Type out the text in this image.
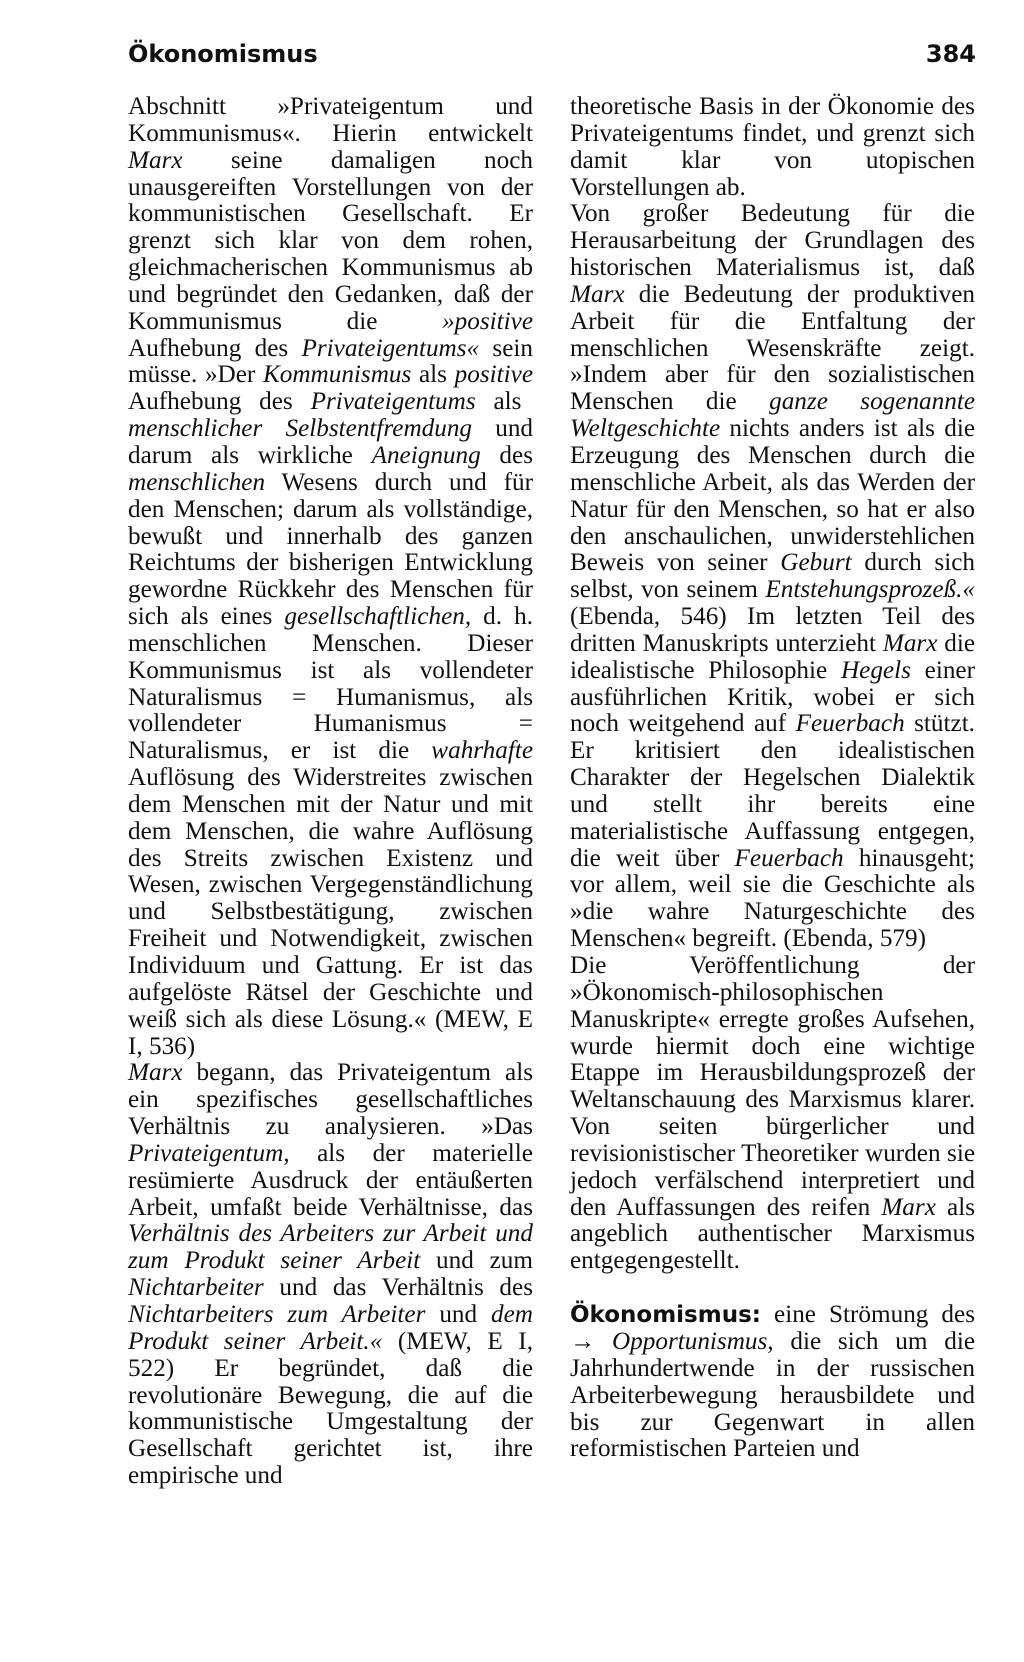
Ökonomismus	384

Abschnitt »Privateigentum und Kommunismus«. Hierin entwickelt Marx seine damaligen noch unausgereiften Vorstellungen von der kommunistischen Gesellschaft. Er grenzt sich klar von dem rohen, gleichmacherischen Kommunismus ab und begründet den Gedanken, daß der Kommunismus die »positive Aufhebung des Privateigentums« sein müsse. »Der Kommunismus als positive Aufhebung des Privateigentums als menschlicher Selbstentfremdung und darum als wirkliche Aneignung des menschlichen Wesens durch und für den Menschen; darum als vollständige, bewußt und innerhalb des ganzen Reichtums der bisherigen Entwicklung gewordne Rückkehr des Menschen für sich als eines gesellschaftlichen, d. h. menschlichen Menschen. Dieser Kommunismus ist als vollendeter Naturalismus = Humanismus, als vollendeter Humanismus = Naturalismus, er ist die wahrhafte Auflösung des Widerstreites zwischen dem Menschen mit der Natur und mit dem Menschen, die wahre Auflösung des Streits zwischen Existenz und Wesen, zwischen Vergegenständlichung und Selbstbestätigung, zwischen Freiheit und Notwendigkeit, zwischen Individuum und Gattung. Er ist das aufgelöste Rätsel der Geschichte und weiß sich als diese Lösung.« (MEW, E I, 536)

Marx begann, das Privateigentum als ein spezifisches gesellschaftliches Verhältnis zu analysieren. »Das Privateigentum, als der materielle resümierte Ausdruck der entäußerten Arbeit, umfaßt beide Verhältnisse, das Verhältnis des Arbeiters zur Arbeit und zum Produkt seiner Arbeit und zum Nichtarbeiter und das Verhältnis des Nichtarbeiters zum Arbeiter und dem Produkt seiner Arbeit.« (MEW, E I, 522) Er begründet, daß die revolutionäre Bewegung, die auf die kommunistische Umgestaltung der Gesellschaft gerichtet ist, ihre empirische und

theoretische Basis in der Ökonomie des Privateigentums findet, und grenzt sich damit klar von utopischen Vorstellungen ab.

Von großer Bedeutung für die Herausarbeitung der Grundlagen des historischen Materialismus ist, daß Marx die Bedeutung der produktiven Arbeit für die Entfaltung der menschlichen Wesenskräfte zeigt. »Indem aber für den sozialistischen Menschen die ganze sogenannte Weltgeschichte nichts anders ist als die Erzeugung des Menschen durch die menschliche Arbeit, als das Werden der Natur für den Menschen, so hat er also den anschaulichen, unwiderstehlichen Beweis von seiner Geburt durch sich selbst, von seinem Entstehungsprozeß.« (Ebenda, 546) Im letzten Teil des dritten Manuskripts unterzieht Marx die idealistische Philosophie Hegels einer ausführlichen Kritik, wobei er sich noch weitgehend auf Feuerbach stützt. Er kritisiert den idealistischen Charakter der Hegelschen Dialektik und stellt ihr bereits eine materialistische Auffassung entgegen, die weit über Feuerbach hinausgeht; vor allem, weil sie die Geschichte als »die wahre Naturgeschichte des Menschen« begreift. (Ebenda, 579)

Die Veröffentlichung der »Ökonomisch-philosophischen Manuskripte« erregte großes Aufsehen, wurde hiermit doch eine wichtige Etappe im Herausbildungsprozeß der Weltanschauung des Marxismus klarer. Von seiten bürgerlicher und revisionistischer Theoretiker wurden sie jedoch verfälschend interpretiert und den Auffassungen des reifen Marx als angeblich authentischer Marxismus entgegengestellt.

Ökonomismus: eine Strömung des → Opportunismus, die sich um die Jahrhundertwende in der russischen Arbeiterbewegung herausbildete und bis zur Gegenwart in allen reformistischen Parteien und
